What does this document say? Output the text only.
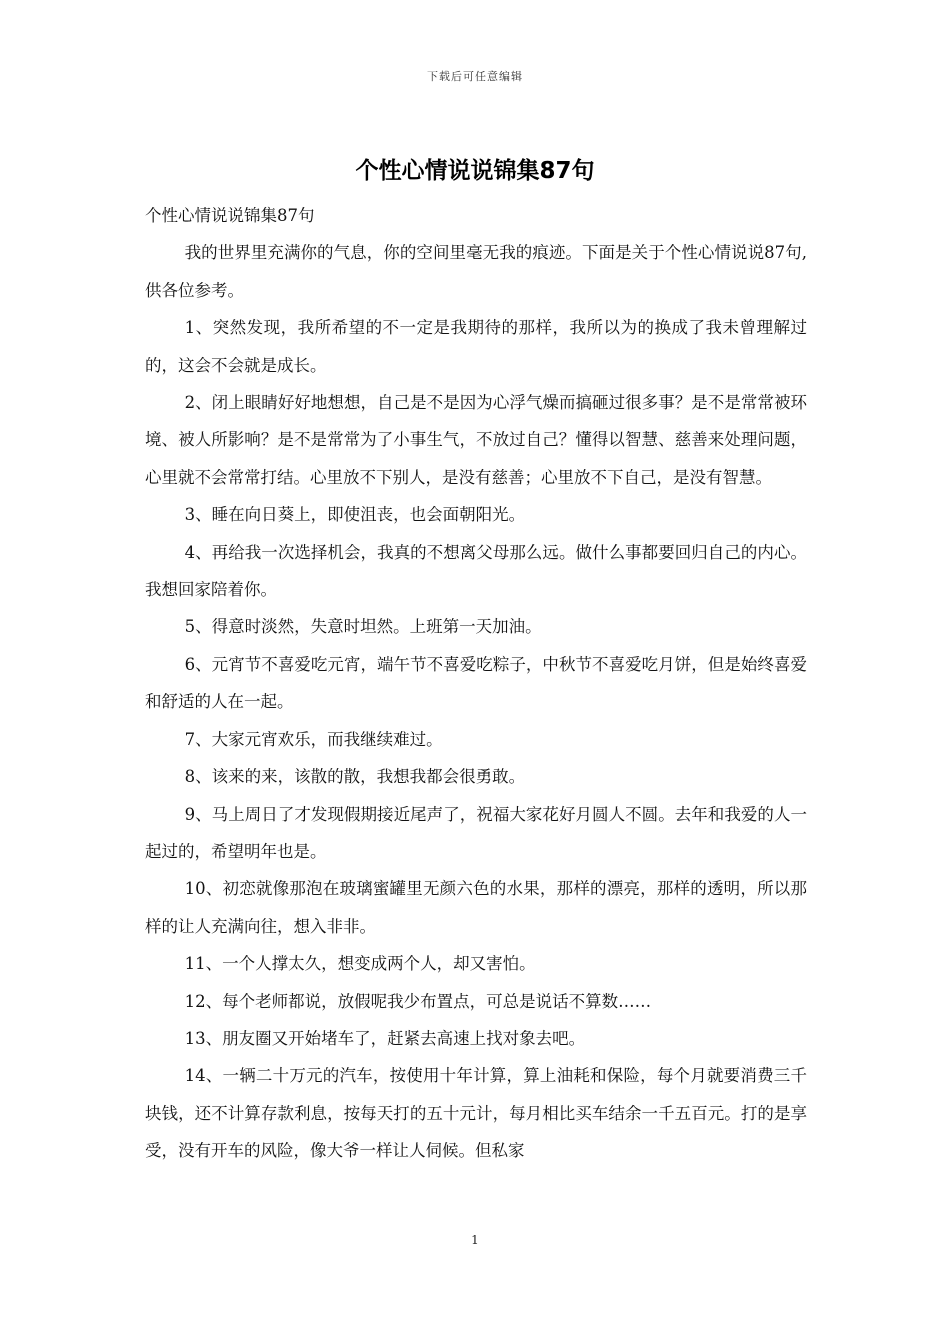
下载后可任意编辑
个性心情说说锦集87句

个性心情说说锦集87句

我的世界里充满你的气息，你的空间里毫无我的痕迹。下面是关于个性心情说说87句,供各位参考。

1、突然发现，我所希望的不一定是我期待的那样，我所以为的换成了我未曾理解过的，这会不会就是成长。

2、闭上眼睛好好地想想，自己是不是因为心浮气燥而搞砸过很多事？是不是常常被环境、被人所影响？是不是常常为了小事生气，不放过自己？懂得以智慧、慈善来处理问题，心里就不会常常打结。心里放不下别人，是没有慈善；心里放不下自己，是没有智慧。

3、睡在向日葵上，即使沮丧，也会面朝阳光。

4、再给我一次选择机会，我真的不想离父母那么远。做什么事都要回归自己的内心。我想回家陪着你。

5、得意时淡然，失意时坦然。上班第一天加油。

6、元宵节不喜爱吃元宵，端午节不喜爱吃粽子，中秋节不喜爱吃月饼，但是始终喜爱和舒适的人在一起。

7、大家元宵欢乐，而我继续难过。

8、该来的来，该散的散，我想我都会很勇敢。

9、马上周日了才发现假期接近尾声了，祝福大家花好月圆人不圆。去年和我爱的人一起过的，希望明年也是。

10、初恋就像那泡在玻璃蜜罐里无颜六色的水果，那样的漂亮，那样的透明，所以那样的让人充满向往，想入非非。

11、一个人撑太久，想变成两个人，却又害怕。

12、每个老师都说，放假呢我少布置点，可总是说话不算数……

13、朋友圈又开始堵车了，赶紧去高速上找对象去吧。

14、一辆二十万元的汽车，按使用十年计算，算上油耗和保险，每个月就要消费三千块钱，还不计算存款利息，按每天打的五十元计，每月相比买车结余一千五百元。打的是享受，没有开车的风险，像大爷一样让人伺候。但私家

1
